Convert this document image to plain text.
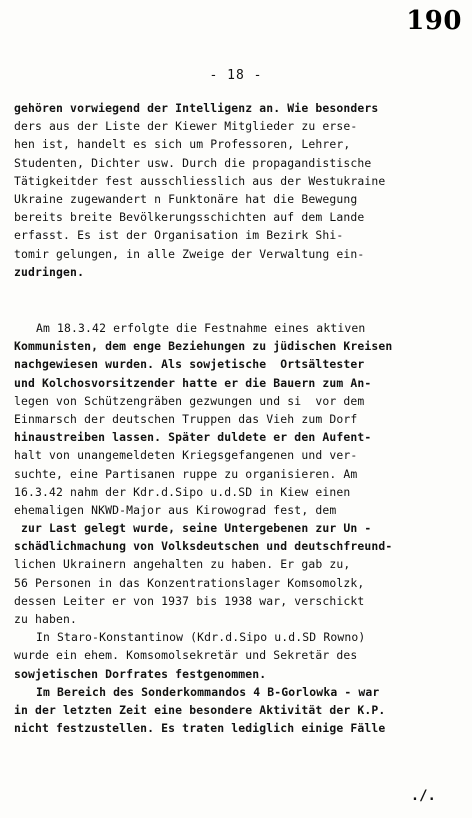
190
- 18 -
gehören vorwiegend der Intelligenz an. Wie besonders
ders aus der Liste der Kiewer Mitglieder zu erse-
hen ist, handelt es sich um Professoren, Lehrer,
Studenten, Dichter usw. Durch die propagandistische
Tätigkeitder fest ausschliesslich aus der Westukraine
Ukraine zugewandert n Funktonäre hat die Bewegung
bereits breite Bevölkerungsschichten auf dem Lande
erfasst. Es ist der Organisation im Bezirk Shi-
tomir gelungen, in alle Zweige der Verwaltung ein-
zudringen.
Am 18.3.42 erfolgte die Festnahme eines aktiven
Kommunisten, dem enge Beziehungen zu jüdischen Kreisen
nachgewiesen wurden. Als sowjetische  Ortsältester
und Kolchosvorsitzender hatte er die Bauern zum An-
legen von Schützengräben gezwungen und si  vor dem
Einmarsch der deutschen Truppen das Vieh zum Dorf
hinaustreiben lassen. Später duldete er den Aufent-
halt von unangemeldeten Kriegsgefangenen und ver-
suchte, eine Partisanen ruppe zu organisieren. Am
16.3.42 nahm der Kdr.d.Sipo u.d.SD in Kiew einen
ehemaligen NKWD-Major aus Kirowograd fest, dem
zur Last gelegt wurde, seine Untergebenen zur Un -
schädlichmachung von Volksdeutschen und deutschfreund-
lichen Ukrainern angehalten zu haben. Er gab zu,
56 Personen in das Konzentrationslager Komsomolzk,
dessen Leiter er von 1937 bis 1938 war, verschickt
zu haben.
In Staro-Konstantinow (Kdr.d.Sipo u.d.SD Rowno)
wurde ein ehem. Komsomolsekretär und Sekretär des
sowjetischen Dorfrates festgenommen.
Im Bereich des Sonderkommandos 4 B-Gorlowka - war
in der letzten Zeit eine besondere Aktivität der K.P.
nicht festzustellen. Es traten lediglich einige Fälle
./.
